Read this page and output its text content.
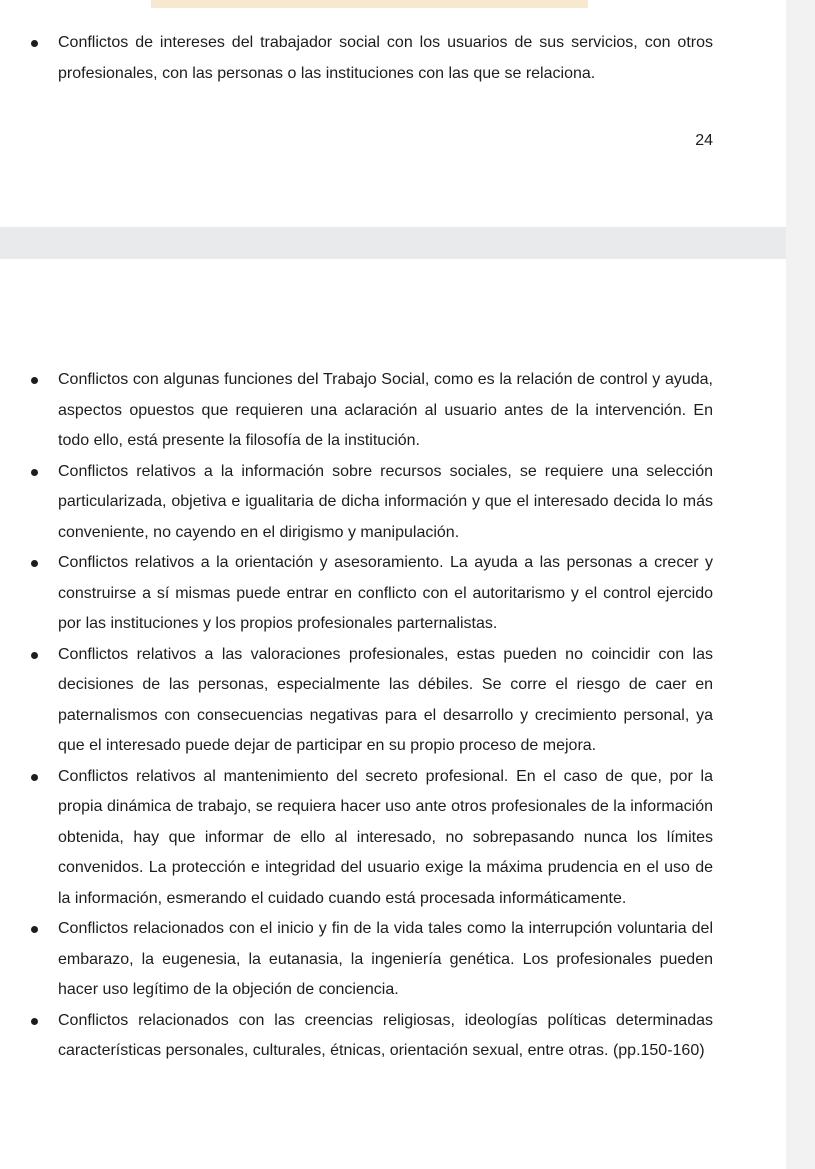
Conflictos de intereses del trabajador social con los usuarios de sus servicios, con otros profesionales, con las personas o las instituciones con las que se relaciona.
24
Conflictos con algunas funciones del Trabajo Social, como es la relación de control y ayuda, aspectos opuestos que requieren una aclaración al usuario antes de la intervención. En todo ello, está presente la filosofía de la institución.
Conflictos relativos a la información sobre recursos sociales, se requiere una selección particularizada, objetiva e igualitaria de dicha información y que el interesado decida lo más conveniente, no cayendo en el dirigismo y manipulación.
Conflictos relativos a la orientación y asesoramiento. La ayuda a las personas a crecer y construirse a sí mismas puede entrar en conflicto con el autoritarismo y el control ejercido por las instituciones y los propios profesionales parternalistas.
Conflictos relativos a las valoraciones profesionales, estas pueden no coincidir con las decisiones de las personas, especialmente las débiles. Se corre el riesgo de caer en paternalismos con consecuencias negativas para el desarrollo y crecimiento personal, ya que el interesado puede dejar de participar en su propio proceso de mejora.
Conflictos relativos al mantenimiento del secreto profesional. En el caso de que, por la propia dinámica de trabajo, se requiera hacer uso ante otros profesionales de la información obtenida, hay que informar de ello al interesado, no sobrepasando nunca los límites convenidos. La protección e integridad del usuario exige la máxima prudencia en el uso de la información, esmerando el cuidado cuando está procesada informáticamente.
Conflictos relacionados con el inicio y fin de la vida tales como la interrupción voluntaria del embarazo, la eugenesia, la eutanasia, la ingeniería genética. Los profesionales pueden hacer uso legítimo de la objeción de conciencia.
Conflictos relacionados con las creencias religiosas, ideologías políticas determinadas características personales, culturales, étnicas, orientación sexual, entre otras. (pp.150-160)
